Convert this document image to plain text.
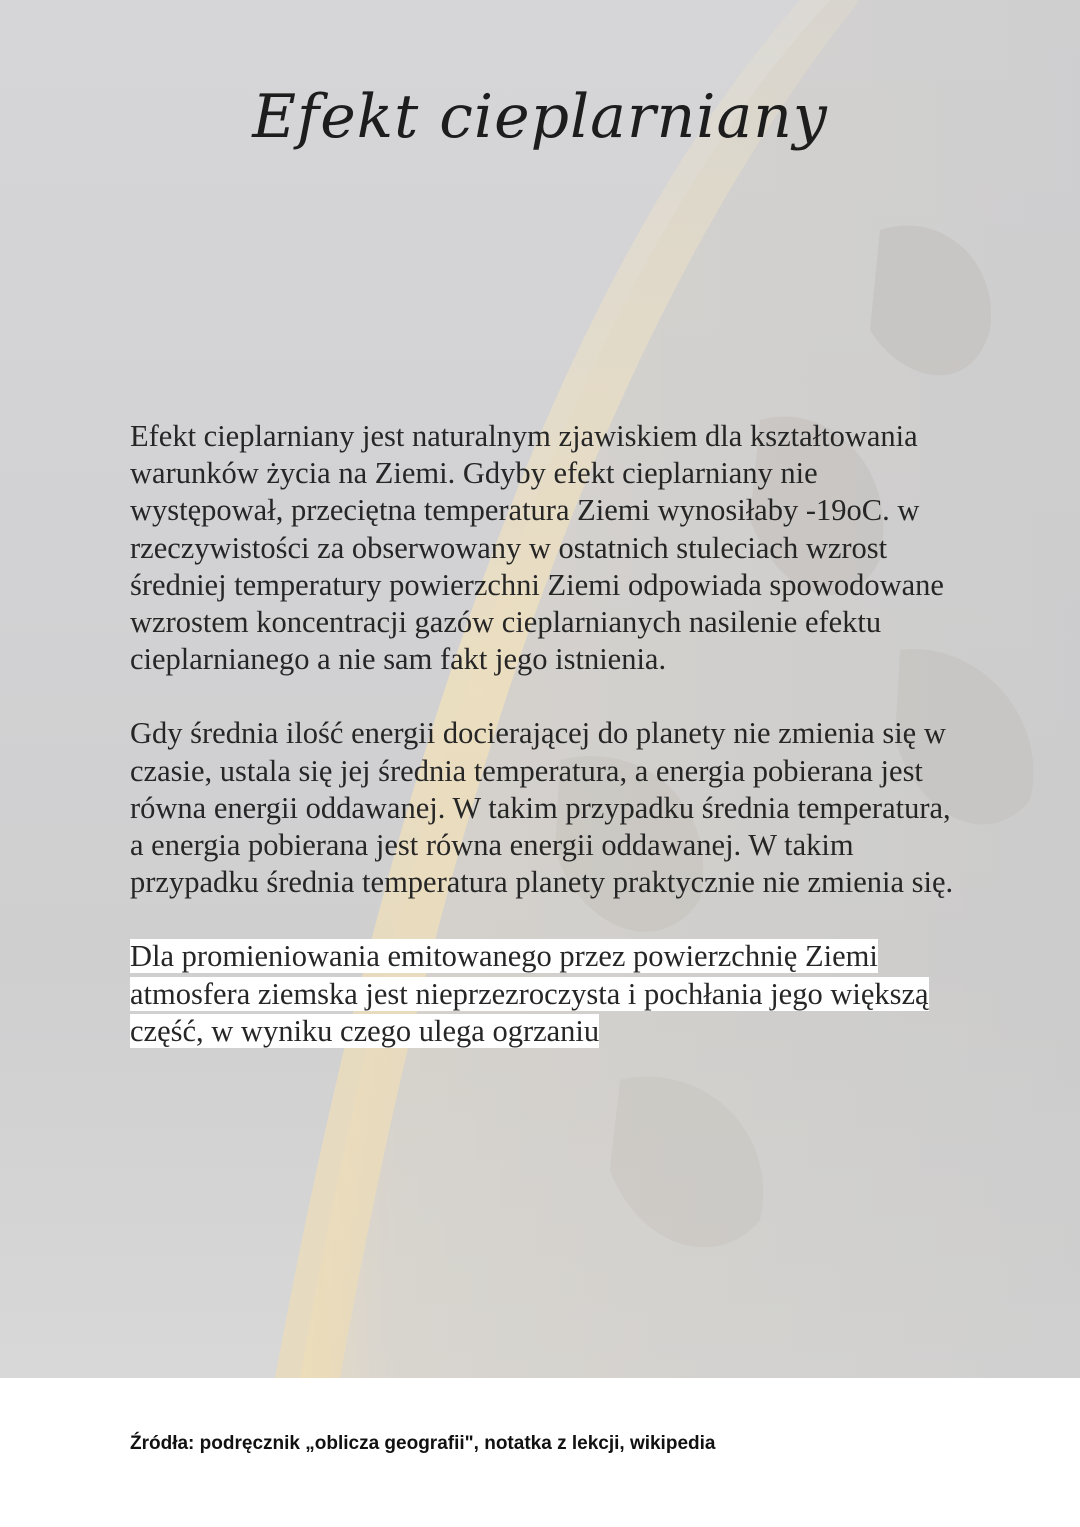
Efekt cieplarniany

Efekt cieplarniany jest naturalnym zjawiskiem dla kształtowania warunków życia na Ziemi. Gdyby efekt cieplarniany nie występował, przeciętna temperatura Ziemi wynosiłaby -19oC. w rzeczywistości za obserwowany w ostatnich stuleciach wzrost średniej temperatury powierzchni Ziemi odpowiada spowodowane wzrostem koncentracji gazów cieplarnianych nasilenie efektu cieplarnianego a nie sam fakt jego istnienia.

Gdy średnia ilość energii docierającej do planety nie zmienia się w czasie, ustala się jej średnia temperatura, a energia pobierana jest równa energii oddawanej. W takim przypadku średnia temperatura, a energia pobierana jest równa energii oddawanej. W takim przypadku średnia temperatura planety praktycznie nie zmienia się.

Dla promieniowania emitowanego przez powierzchnię Ziemi atmosfera ziemska jest nieprzezroczysta i pochłania jego większą część, w wyniku czego ulega ogrzaniu

Źródła: podręcznik „oblicza geografii", notatka z lekcji, wikipedia
